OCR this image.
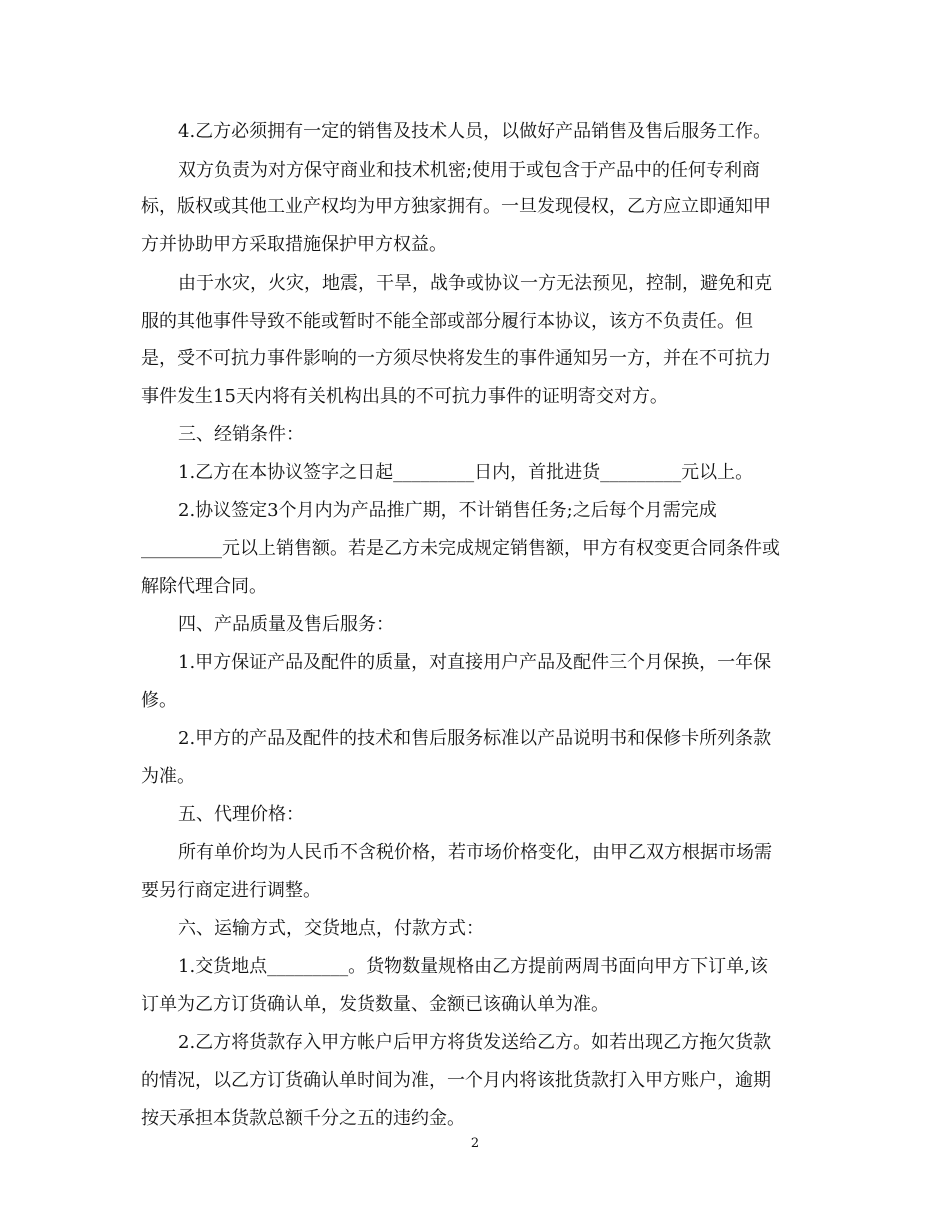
4.乙方必须拥有一定的销售及技术人员，以做好产品销售及售后服务工作。
双方负责为对方保守商业和技术机密;使用于或包含于产品中的任何专利商
标，版权或其他工业产权均为甲方独家拥有。一旦发现侵权，乙方应立即通知甲
方并协助甲方采取措施保护甲方权益。
由于水灾，火灾，地震，干旱，战争或协议一方无法预见，控制，避免和克
服的其他事件导致不能或暂时不能全部或部分履行本协议，该方不负责任。但
是，受不可抗力事件影响的一方须尽快将发生的事件通知另一方，并在不可抗力
事件发生15天内将有关机构出具的不可抗力事件的证明寄交对方。
三、经销条件：
1.乙方在本协议签字之日起_________日内，首批进货_________元以上。
2.协议签定3个月内为产品推广期，不计销售任务;之后每个月需完成
_________元以上销售额。若是乙方未完成规定销售额，甲方有权变更合同条件或
解除代理合同。
四、产品质量及售后服务：
1.甲方保证产品及配件的质量，对直接用户产品及配件三个月保换，一年保
修。
2.甲方的产品及配件的技术和售后服务标准以产品说明书和保修卡所列条款
为准。
五、代理价格：
所有单价均为人民币不含税价格，若市场价格变化，由甲乙双方根据市场需
要另行商定进行调整。
六、运输方式，交货地点，付款方式：
1.交货地点_________。货物数量规格由乙方提前两周书面向甲方下订单,该
订单为乙方订货确认单，发货数量、金额已该确认单为准。
2.乙方将货款存入甲方帐户后甲方将货发送给乙方。如若出现乙方拖欠货款
的情况，以乙方订货确认单时间为准，一个月内将该批货款打入甲方账户，逾期
按天承担本货款总额千分之五的违约金。
2
